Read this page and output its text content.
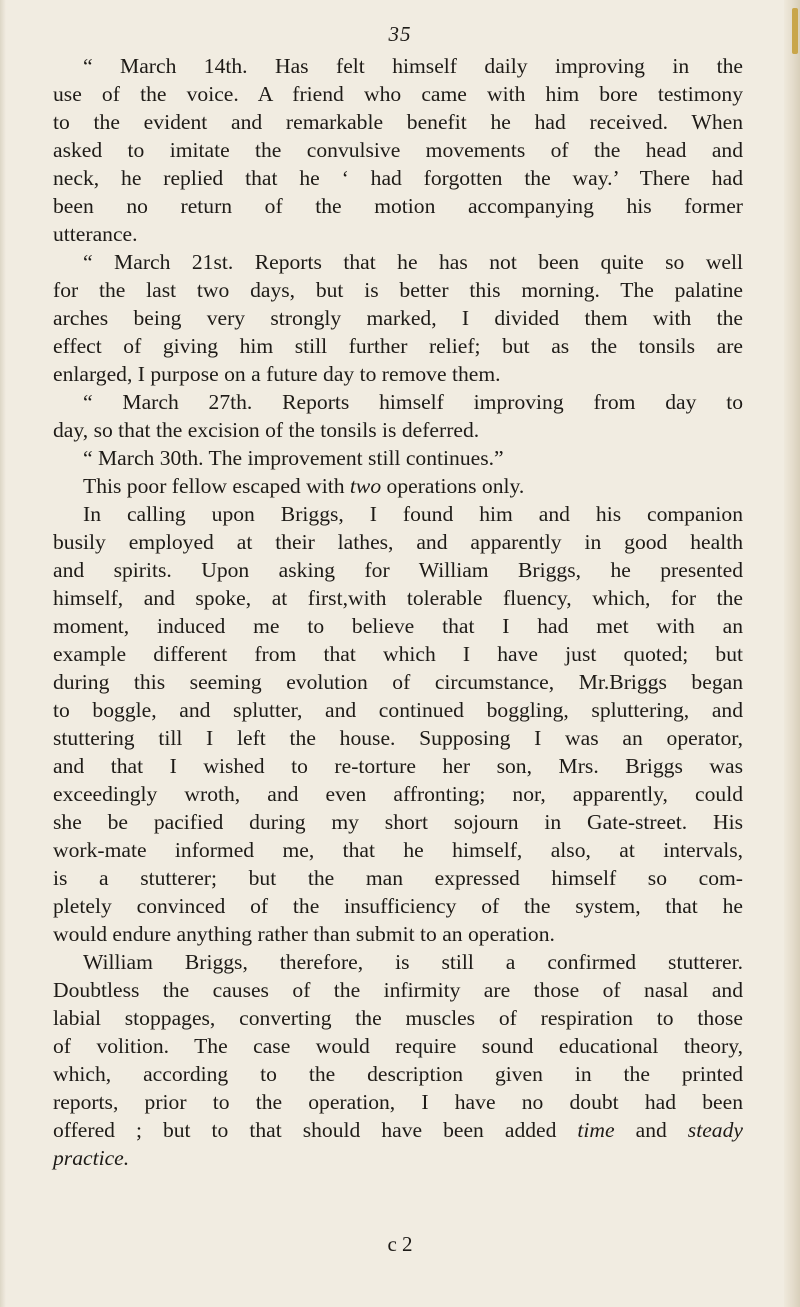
35
“ March 14th. Has felt himself daily improving in the
use of the voice. A friend who came with him bore testimony
to the evident and remarkable benefit he had received. When
asked to imitate the convulsive movements of the head and
neck, he replied that he ‘ had forgotten the way.’ There had
been no return of the motion accompanying his former
utterance.
“ March 21st. Reports that he has not been quite so well
for the last two days, but is better this morning. The palatine
arches being very strongly marked, I divided them with the
effect of giving him still further relief; but as the tonsils are
enlarged, I purpose on a future day to remove them.
“ March 27th. Reports himself improving from day to
day, so that the excision of the tonsils is deferred.
“ March 30th. The improvement still continues.”
This poor fellow escaped with two operations only.
In calling upon Briggs, I found him and his companion
busily employed at their lathes, and apparently in good health
and spirits. Upon asking for William Briggs, he presented
himself, and spoke, at first,with tolerable fluency, which, for the
moment, induced me to believe that I had met with an
example different from that which I have just quoted; but
during this seeming evolution of circumstance, Mr.Briggs began
to boggle, and splutter, and continued boggling, spluttering, and
stuttering till I left the house. Supposing I was an operator,
and that I wished to re-torture her son, Mrs. Briggs was
exceedingly wroth, and even affronting; nor, apparently, could
she be pacified during my short sojourn in Gate-street. His
work-mate informed me, that he himself, also, at intervals,
is a stutterer; but the man expressed himself so com-
pletely convinced of the insufficiency of the system, that he
would endure anything rather than submit to an operation.
William Briggs, therefore, is still a confirmed stutterer.
Doubtless the causes of the infirmity are those of nasal and
labial stoppages, converting the muscles of respiration to those
of volition. The case would require sound educational theory,
which, according to the description given in the printed
reports, prior to the operation, I have no doubt had been
offered ; but to that should have been added time and steady
practice.
c 2
